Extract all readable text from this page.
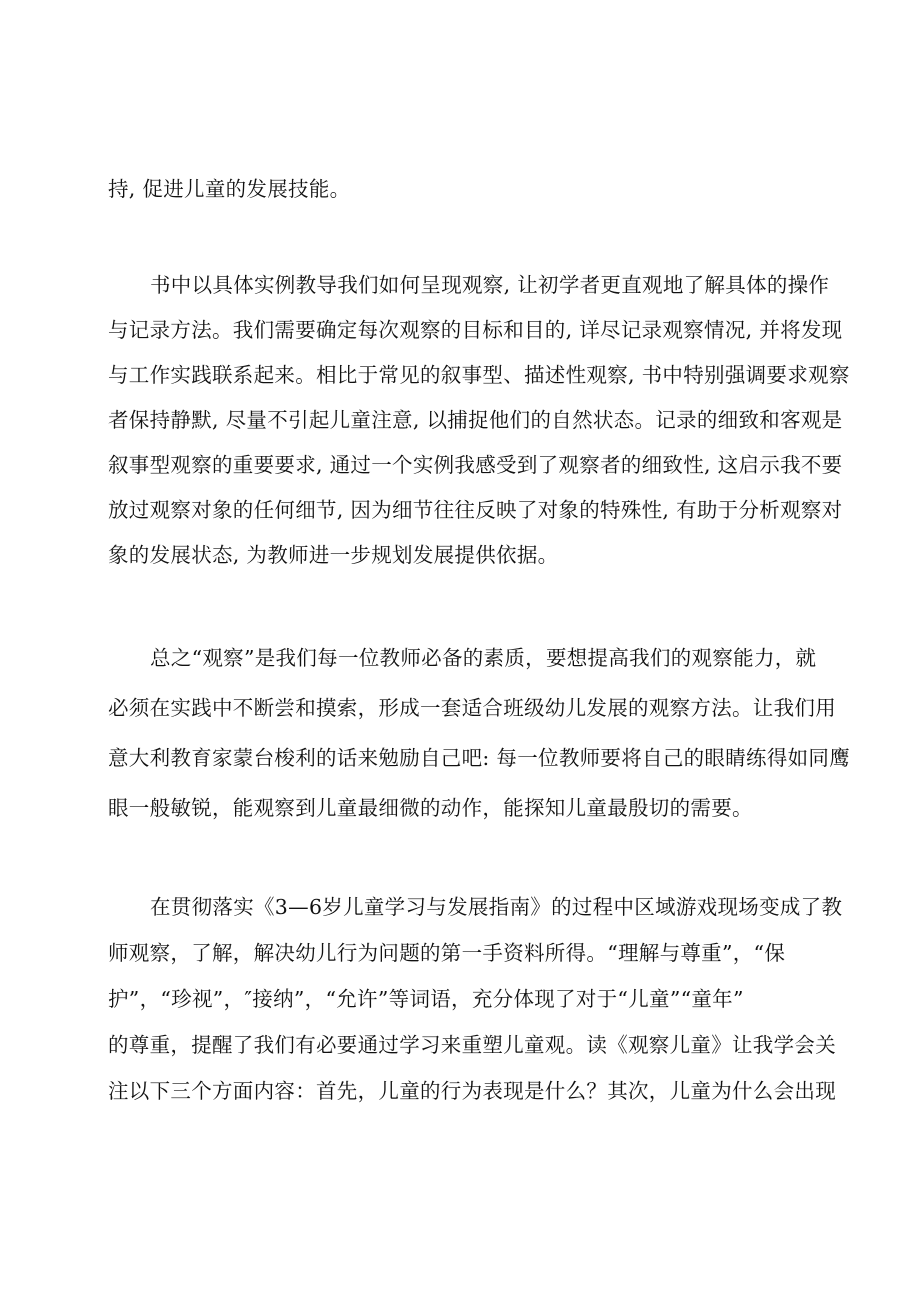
持, 促进儿童的发展技能。
书中以具体实例教导我们如何呈现观察, 让初学者更直观地了解具体的操作
与记录方法。我们需要确定每次观察的目标和目的, 详尽记录观察情况, 并将发现
与工作实践联系起来。相比于常见的叙事型、描述性观察, 书中特别强调要求观察
者保持静默, 尽量不引起儿童注意, 以捕捉他们的自然状态。记录的细致和客观是
叙事型观察的重要要求, 通过一个实例我感受到了观察者的细致性, 这启示我不要
放过观察对象的任何细节, 因为细节往往反映了对象的特殊性, 有助于分析观察对
象的发展状态, 为教师进一步规划发展提供依据。
总之“观察”是我们每一位教师必备的素质，要想提高我们的观察能力，就
必须在实践中不断尝和摸索，形成一套适合班级幼儿发展的观察方法。让我们用
意大利教育家蒙台梭利的话来勉励自己吧: 每一位教师要将自己的眼睛练得如同鹰
眼一般敏锐，能观察到儿童最细微的动作，能探知儿童最殷切的需要。
在贯彻落实《3—6岁儿童学习与发展指南》的过程中区域游戏现场变成了教
师观察，了解，解决幼儿行为问题的第一手资料所得。“理解与尊重”，“保
护”，“珍视”，″接纳”，“允许”等词语，充分体现了对于“儿童”“童年”
的尊重，提醒了我们有必要通过学习来重塑儿童观。读《观察儿童》让我学会关
注以下三个方面内容：首先，儿童的行为表现是什么？其次，儿童为什么会出现
